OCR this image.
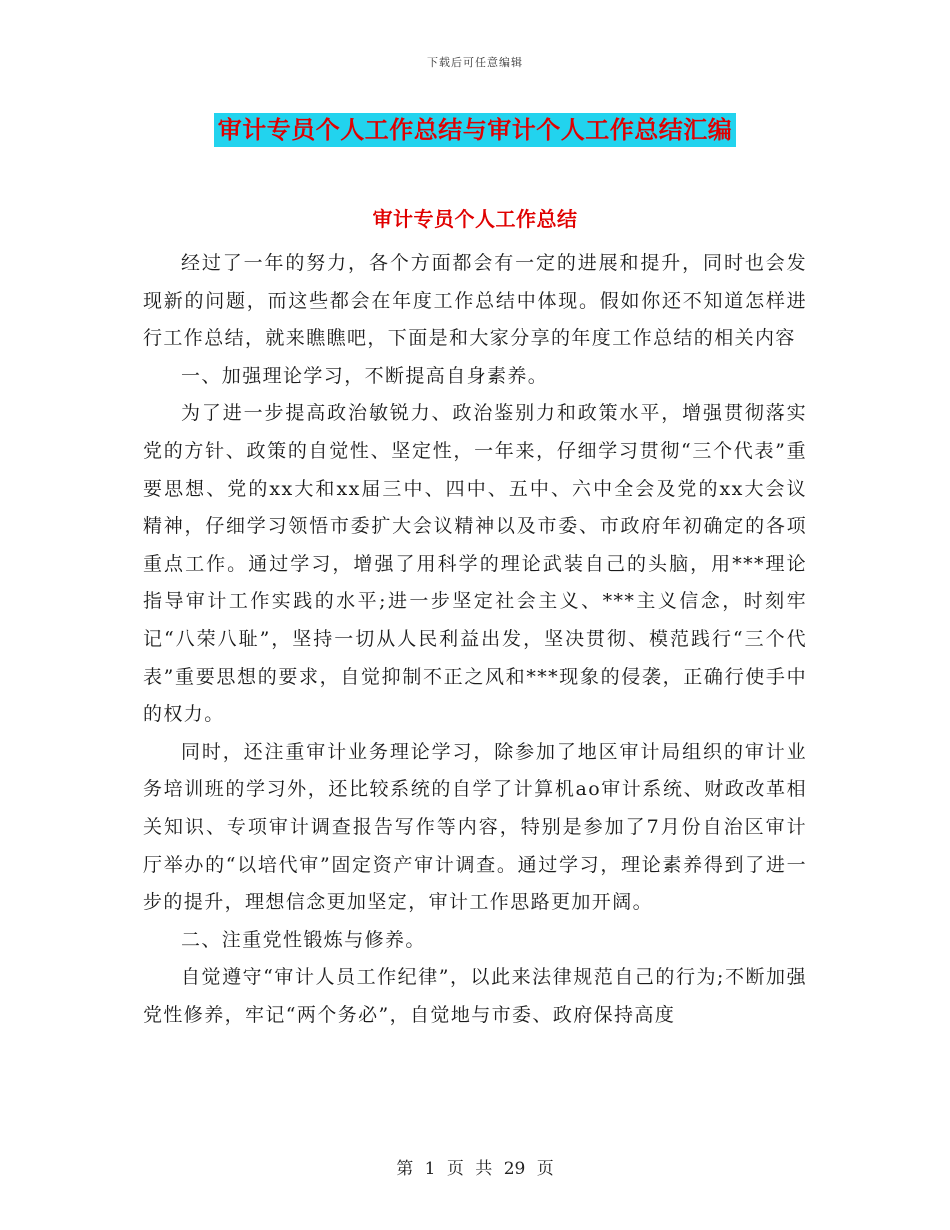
下载后可任意编辑
审计专员个人工作总结与审计个人工作总结汇编
审计专员个人工作总结

经过了一年的努力，各个方面都会有一定的进展和提升，同时也会发现新的问题，而这些都会在年度工作总结中体现。假如你还不知道怎样进行工作总结，就来瞧瞧吧，下面是和大家分享的年度工作总结的相关内容

一、加强理论学习，不断提高自身素养。

为了进一步提高政治敏锐力、政治鉴别力和政策水平，增强贯彻落实党的方针、政策的自觉性、坚定性，一年来，仔细学习贯彻“三个代表”重要思想、党的xx大和xx届三中、四中、五中、六中全会及党的xx大会议精神，仔细学习领悟市委扩大会议精神以及市委、市政府年初确定的各项重点工作。通过学习，增强了用科学的理论武装自己的头脑，用***理论指导审计工作实践的水平;进一步坚定社会主义、***主义信念，时刻牢记“八荣八耻”，坚持一切从人民利益出发，坚决贯彻、模范践行“三个代表”重要思想的要求，自觉抑制不正之风和***现象的侵袭，正确行使手中的权力。

同时，还注重审计业务理论学习，除参加了地区审计局组织的审计业务培训班的学习外，还比较系统的自学了计算机ao审计系统、财政改革相关知识、专项审计调查报告写作等内容，特别是参加了7月份自治区审计厅举办的“以培代审”固定资产审计调查。通过学习，理论素养得到了进一步的提升，理想信念更加坚定，审计工作思路更加开阔。

二、注重党性锻炼与修养。

自觉遵守“审计人员工作纪律”，以此来法律规范自己的行为;不断加强党性修养，牢记“两个务必”，自觉地与市委、政府保持高度

第 1 页 共 29 页
